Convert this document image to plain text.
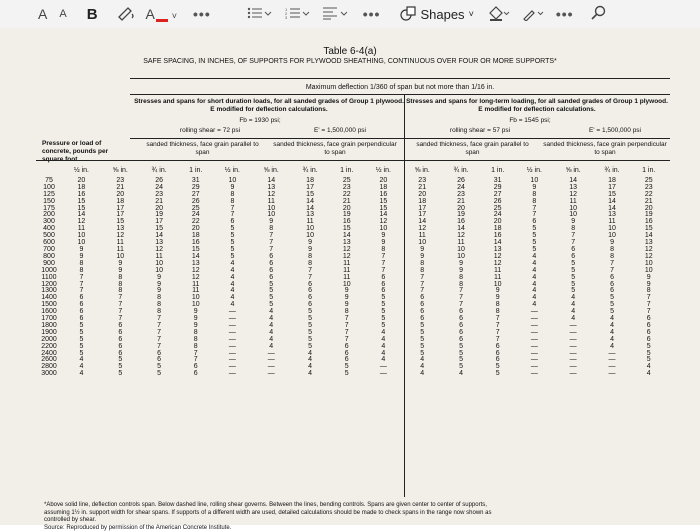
A A B	A ˅ •••	1
2
3	•••	Shapes ˅	•••
Table 6-4(a)
SAFE SPACING, IN INCHES, OF SUPPORTS FOR PLYWOOD SHEATHING, CONTINUOUS OVER FOUR OR MORE SUPPORTS*
Maximum deflection 1/360 of span but not more than 1/16 in.
Stresses and spans for short duration loads, for all sanded grades of Group 1 plywood. E modified for deflection calculations.
Stresses and spans for long-term loading, for all sanded grades of Group 1 plywood. E modified for deflection calculations.
Fb = 1930 psi;
rolling shear = 72 psi	E' = 1,500,000 psi
Fb = 1545 psi;
rolling shear = 57 psi	E' = 1,500,000 psi
Pressure or load of concrete, pounds per
sanded thickness, face grain parallel to span
sanded thickness, face grain perpendicular to span
sanded thickness, face grain parallel to span
sanded thickness, face grain perpendicular to span
	½ in.	⅝ in.	¾ in.	1 in.	½ in.	⅝ in.	¾ in.	1 in.	½ in.	⅝ in.	¾ in.	1 in.	½ in.	⅝ in.	¾ in.	1 in.
75	20	23	26	31	10	14	18	25	20	23	26	31	10	14	18	25
100	18	21	24	29	9	13	17	23	18	21	24	29	9	13	17	23
125	16	20	23	27	8	12	15	22	16	20	23	27	8	12	15	22
150	15	18	21	26	8	11	14	21	15	18	21	26	8	11	14	21
175	15	17	20	25	7	10	14	20	15	17	20	25	7	10	14	20
200	14	17	19	24	7	10	13	19	14	17	19	24	7	10	13	19
300	12	15	17	22	6	9	11	16	12	14	16	20	6	9	11	16
400	11	13	15	20	5	8	10	15	10	12	14	18	5	8	10	15
500	10	12	14	18	5	7	10	14	9	11	12	16	5	7	10	14
600	10	11	13	16	5	7	9	13	9	10	11	14	5	7	9	13
700	9	11	12	15	5	7	9	12	8	9	10	13	5	6	8	12
800	9	10	11	14	5	6	8	12	7	9	10	12	4	6	8	12
900	8	9	10	13	4	6	8	11	7	8	9	12	4	5	7	10
1000	8	9	10	12	4	6	7	11	7	8	9	11	4	5	7	10
1100	7	8	9	12	4	6	7	11	6	7	8	11	4	5	6	9
1200	7	8	9	11	4	5	6	10	6	7	8	10	4	5	6	9
1300	7	8	9	11	4	5	6	9	6	7	7	9	4	5	6	8
1400	6	7	8	10	4	5	6	9	5	6	7	9	4	4	5	7
1500	6	7	8	10	4	5	6	9	5	6	7	8	4	4	5	7
1600	6	7	8	9	—	4	5	8	5	6	6	8	—	4	5	7
1700	6	7	7	9	—	4	5	7	5	6	6	7	—	4	4	6
1800	5	6	7	9	—	4	5	7	5	5	6	7	—	—	4	6
1900	5	6	7	8	—	4	5	7	4	5	6	7	—	—	4	6
2000	5	6	7	8	—	4	5	7	4	5	6	7	—	—	4	6
2200	5	6	7	8	—	4	5	6	4	5	5	6	—	—	4	5
2400	5	6	6	7	—	—	4	6	4	5	5	6	—	—	—	5
2600	4	5	6	7	—	—	4	6	4	4	5	6	—	—	—	5
2800	4	5	5	6	—	—	4	5	—	4	5	5	—	—	—	4
3000	4	5	5	6	—	—	4	5	—	4	4	5	—	—	—	4
*Above solid line, deflection controls span. Below dashed line, rolling shear governs. Between the lines, bending controls. Spans are given center to center of supports,
assuming 1½ in. support width for shear spans. If supports of a different width are used, detailed calculations should be made to check spans in the range now shown as
controlled by shear.
Source: Reproduced by permission of the American Concrete Institute.
